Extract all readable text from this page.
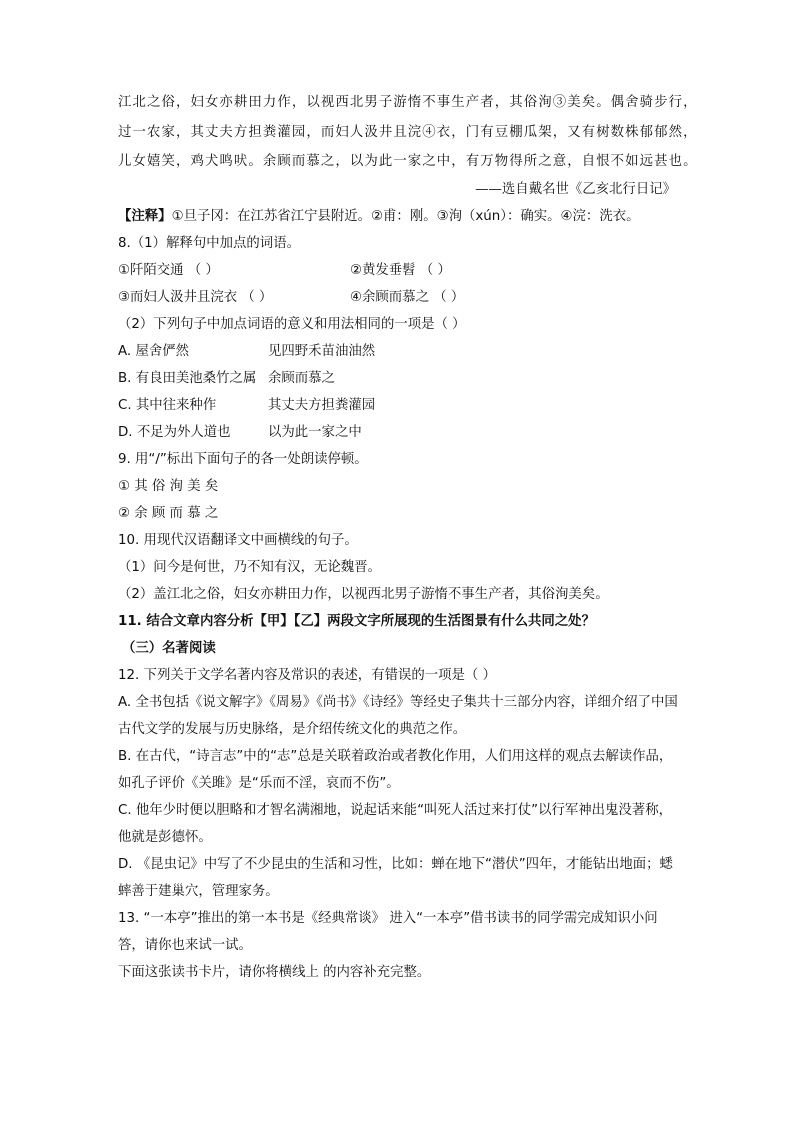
江北之俗，妇女亦耕田力作，以视西北男子游惰不事生产者，其俗洵③美矣。偶舍骑步行，
过一农家，其丈夫方担粪灌园，而妇人汲井且浣④衣，门有豆棚瓜架，又有树数株郁郁然，
儿女嬉笑，鸡犬鸣吠。余顾而慕之，以为此一家之中，有万物得所之意，自恨不如远甚也。

——选自戴名世《乙亥北行日记》

【注释】①旦子冈：在江苏省江宁县附近。②甫：刚。③洵（xún）：确实。④浣：洗衣。

8.（1）解释句中加点的词语。

①阡陌交通 （ ）	②黄发垂髫 （ ）

③而妇人汲井且浣衣 （ ）	④余顾而慕之 （ ）

（2）下列句子中加点词语的意义和用法相同的一项是（ ）

A. 屋舍俨然	见四野禾苗油油然

B. 有良田美池桑竹之属 余顾而慕之

C. 其中往来种作	其丈夫方担粪灌园

D. 不足为外人道也	以为此一家之中

9. 用“/”标出下面句子的各一处朗读停顿。

① 其 俗 洵 美 矣

② 余 顾 而 慕 之

10. 用现代汉语翻译文中画横线的句子。

（1）问今是何世，乃不知有汉，无论魏晋。

（2）盖江北之俗，妇女亦耕田力作，以视西北男子游惰不事生产者，其俗洵美矣。

11. 结合文章内容分析【甲】【乙】两段文字所展现的生活图景有什么共同之处？

（三）名著阅读

12. 下列关于文学名著内容及常识的表述，有错误的一项是（ ）

A. 全书包括《说文解字》《周易》《尚书》《诗经》等经史子集共十三部分内容，详细介绍了中国古代文学的发展与历史脉络，是介绍传统文化的典范之作。

B. 在古代，“诗言志”中的“志”总是关联着政治或者教化作用，人们用这样的观点去解读作品，如孔子评价《关雎》是“乐而不淫，哀而不伤”。

C. 他年少时便以胆略和才智名满湘地，说起话来能“叫死人活过来打仗”以行军神出鬼没著称，他就是彭德怀。

D. 《昆虫记》中写了不少昆虫的生活和习性，比如：蝉在地下“潜伏”四年，才能钻出地面；蟋蟀善于建巢穴，管理家务。

13. “一本亭”推出的第一本书是《经典常谈》 进入“一本亭”借书读书的同学需完成知识小问答，请你也来试一试。

下面这张读书卡片，请你将横线上 的内容补充完整。
